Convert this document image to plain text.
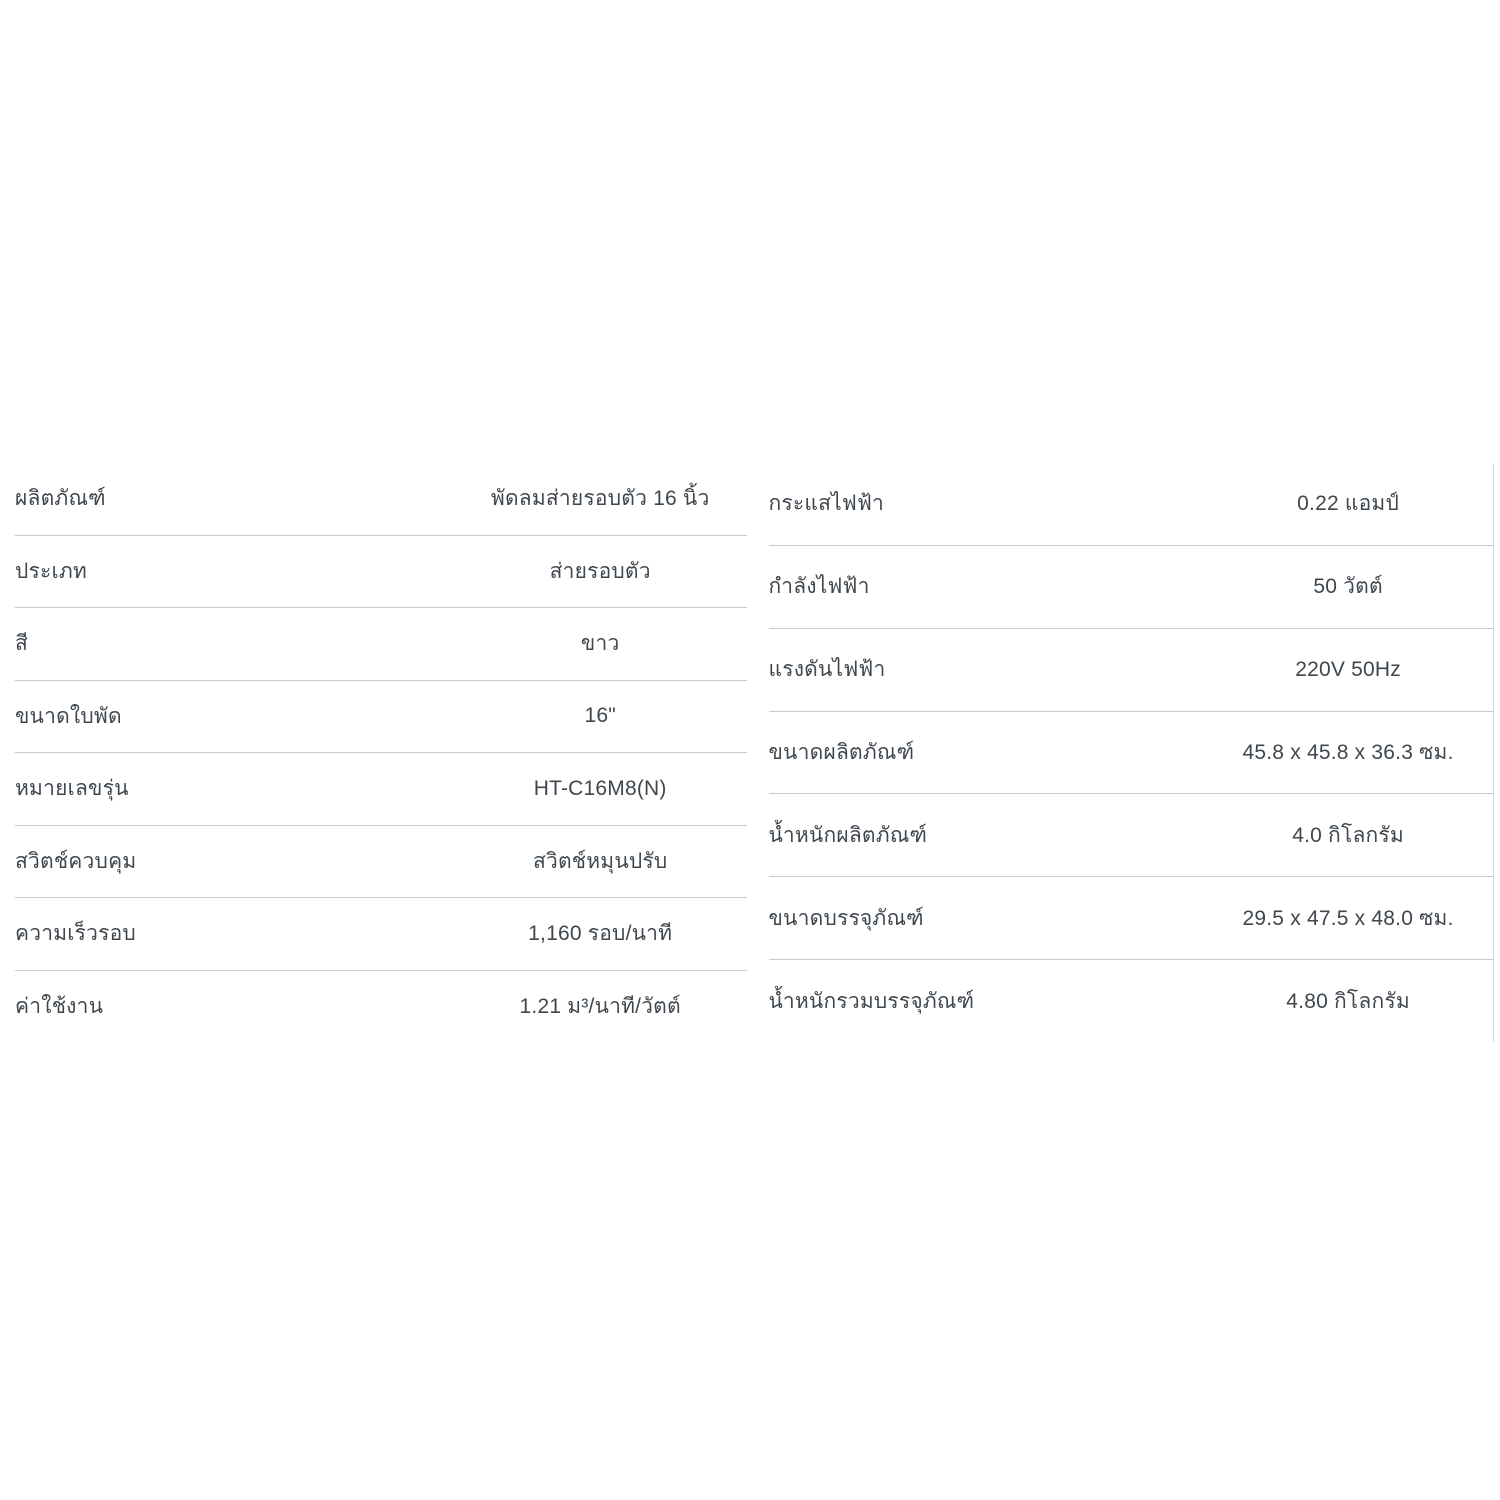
ผลิตภัณฑ์	พัดลมส่ายรอบตัว 16 นิ้ว
ประเภท	ส่ายรอบตัว
สี	ขาว
ขนาดใบพัด	16"
หมายเลขรุ่น	HT-C16M8(N)
สวิตช์ควบคุม	สวิตช์หมุนปรับ
ความเร็วรอบ	1,160 รอบ/นาที
ค่าใช้งาน	1.21 ม³/นาที/วัตต์
กระแสไฟฟ้า	0.22 แอมป์
กำลังไฟฟ้า	50 วัตต์
แรงดันไฟฟ้า	220V 50Hz
ขนาดผลิตภัณฑ์	45.8 x 45.8 x 36.3 ซม.
น้ำหนักผลิตภัณฑ์	4.0 กิโลกรัม
ขนาดบรรจุภัณฑ์	29.5 x 47.5 x 48.0 ซม.
น้ำหนักรวมบรรจุภัณฑ์	4.80 กิโลกรัม
